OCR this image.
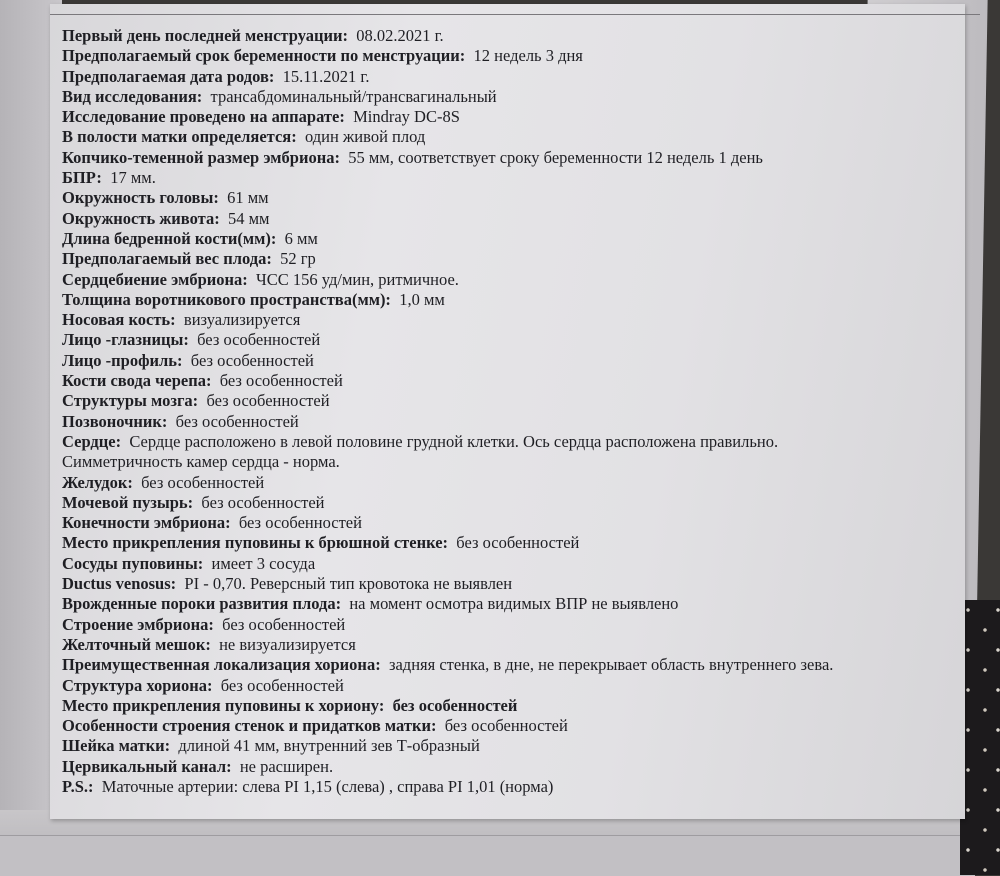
Первый день последней менструации: 08.02.2021 г.
Предполагаемый срок беременности по менструации: 12 недель 3 дня
Предполагаемая дата родов: 15.11.2021 г.
Вид исследования: трансабдоминальный/трансвагинальный
Исследование проведено на аппарате: Mindray DC-8S
В полости матки определяется: один живой плод
Копчико-теменной размер эмбриона: 55 мм, соответствует сроку беременности 12 недель 1 день
БПР: 17 мм.
Окружность головы: 61 мм
Окружность живота: 54 мм
Длина бедренной кости(мм): 6 мм
Предполагаемый вес плода: 52 гр
Сердцебиение эмбриона: ЧСС 156 уд/мин, ритмичное.
Толщина воротникового пространства(мм): 1,0 мм
Носовая кость: визуализируется
Лицо -глазницы: без особенностей
Лицо -профиль: без особенностей
Кости свода черепа: без особенностей
Структуры мозга: без особенностей
Позвоночник: без особенностей
Сердце: Сердце расположено в левой половине грудной клетки. Ось сердца расположена правильно.
Симметричность камер сердца - норма.
Желудок: без особенностей
Мочевой пузырь: без особенностей
Конечности эмбриона: без особенностей
Место прикрепления пуповины к брюшной стенке: без особенностей
Сосуды пуповины: имеет 3 сосуда
Ductus venosus: PI - 0,70. Реверсный тип кровотока не выявлен
Врожденные пороки развития плода: на момент осмотра видимых ВПР не выявлено
Строение эмбриона: без особенностей
Желточный мешок: не визуализируется
Преимущественная локализация хориона: задняя стенка, в дне, не перекрывает область внутреннего зева.
Структура хориона: без особенностей
Место прикрепления пуповины к хориону: без особенностей
Особенности строения стенок и придатков матки: без особенностей
Шейка матки: длиной 41 мм, внутренний зев Т-образный
Цервикальный канал: не расширен.
P.S.: Маточные артерии: слева PI 1,15 (слева) , справа PI 1,01 (норма)
